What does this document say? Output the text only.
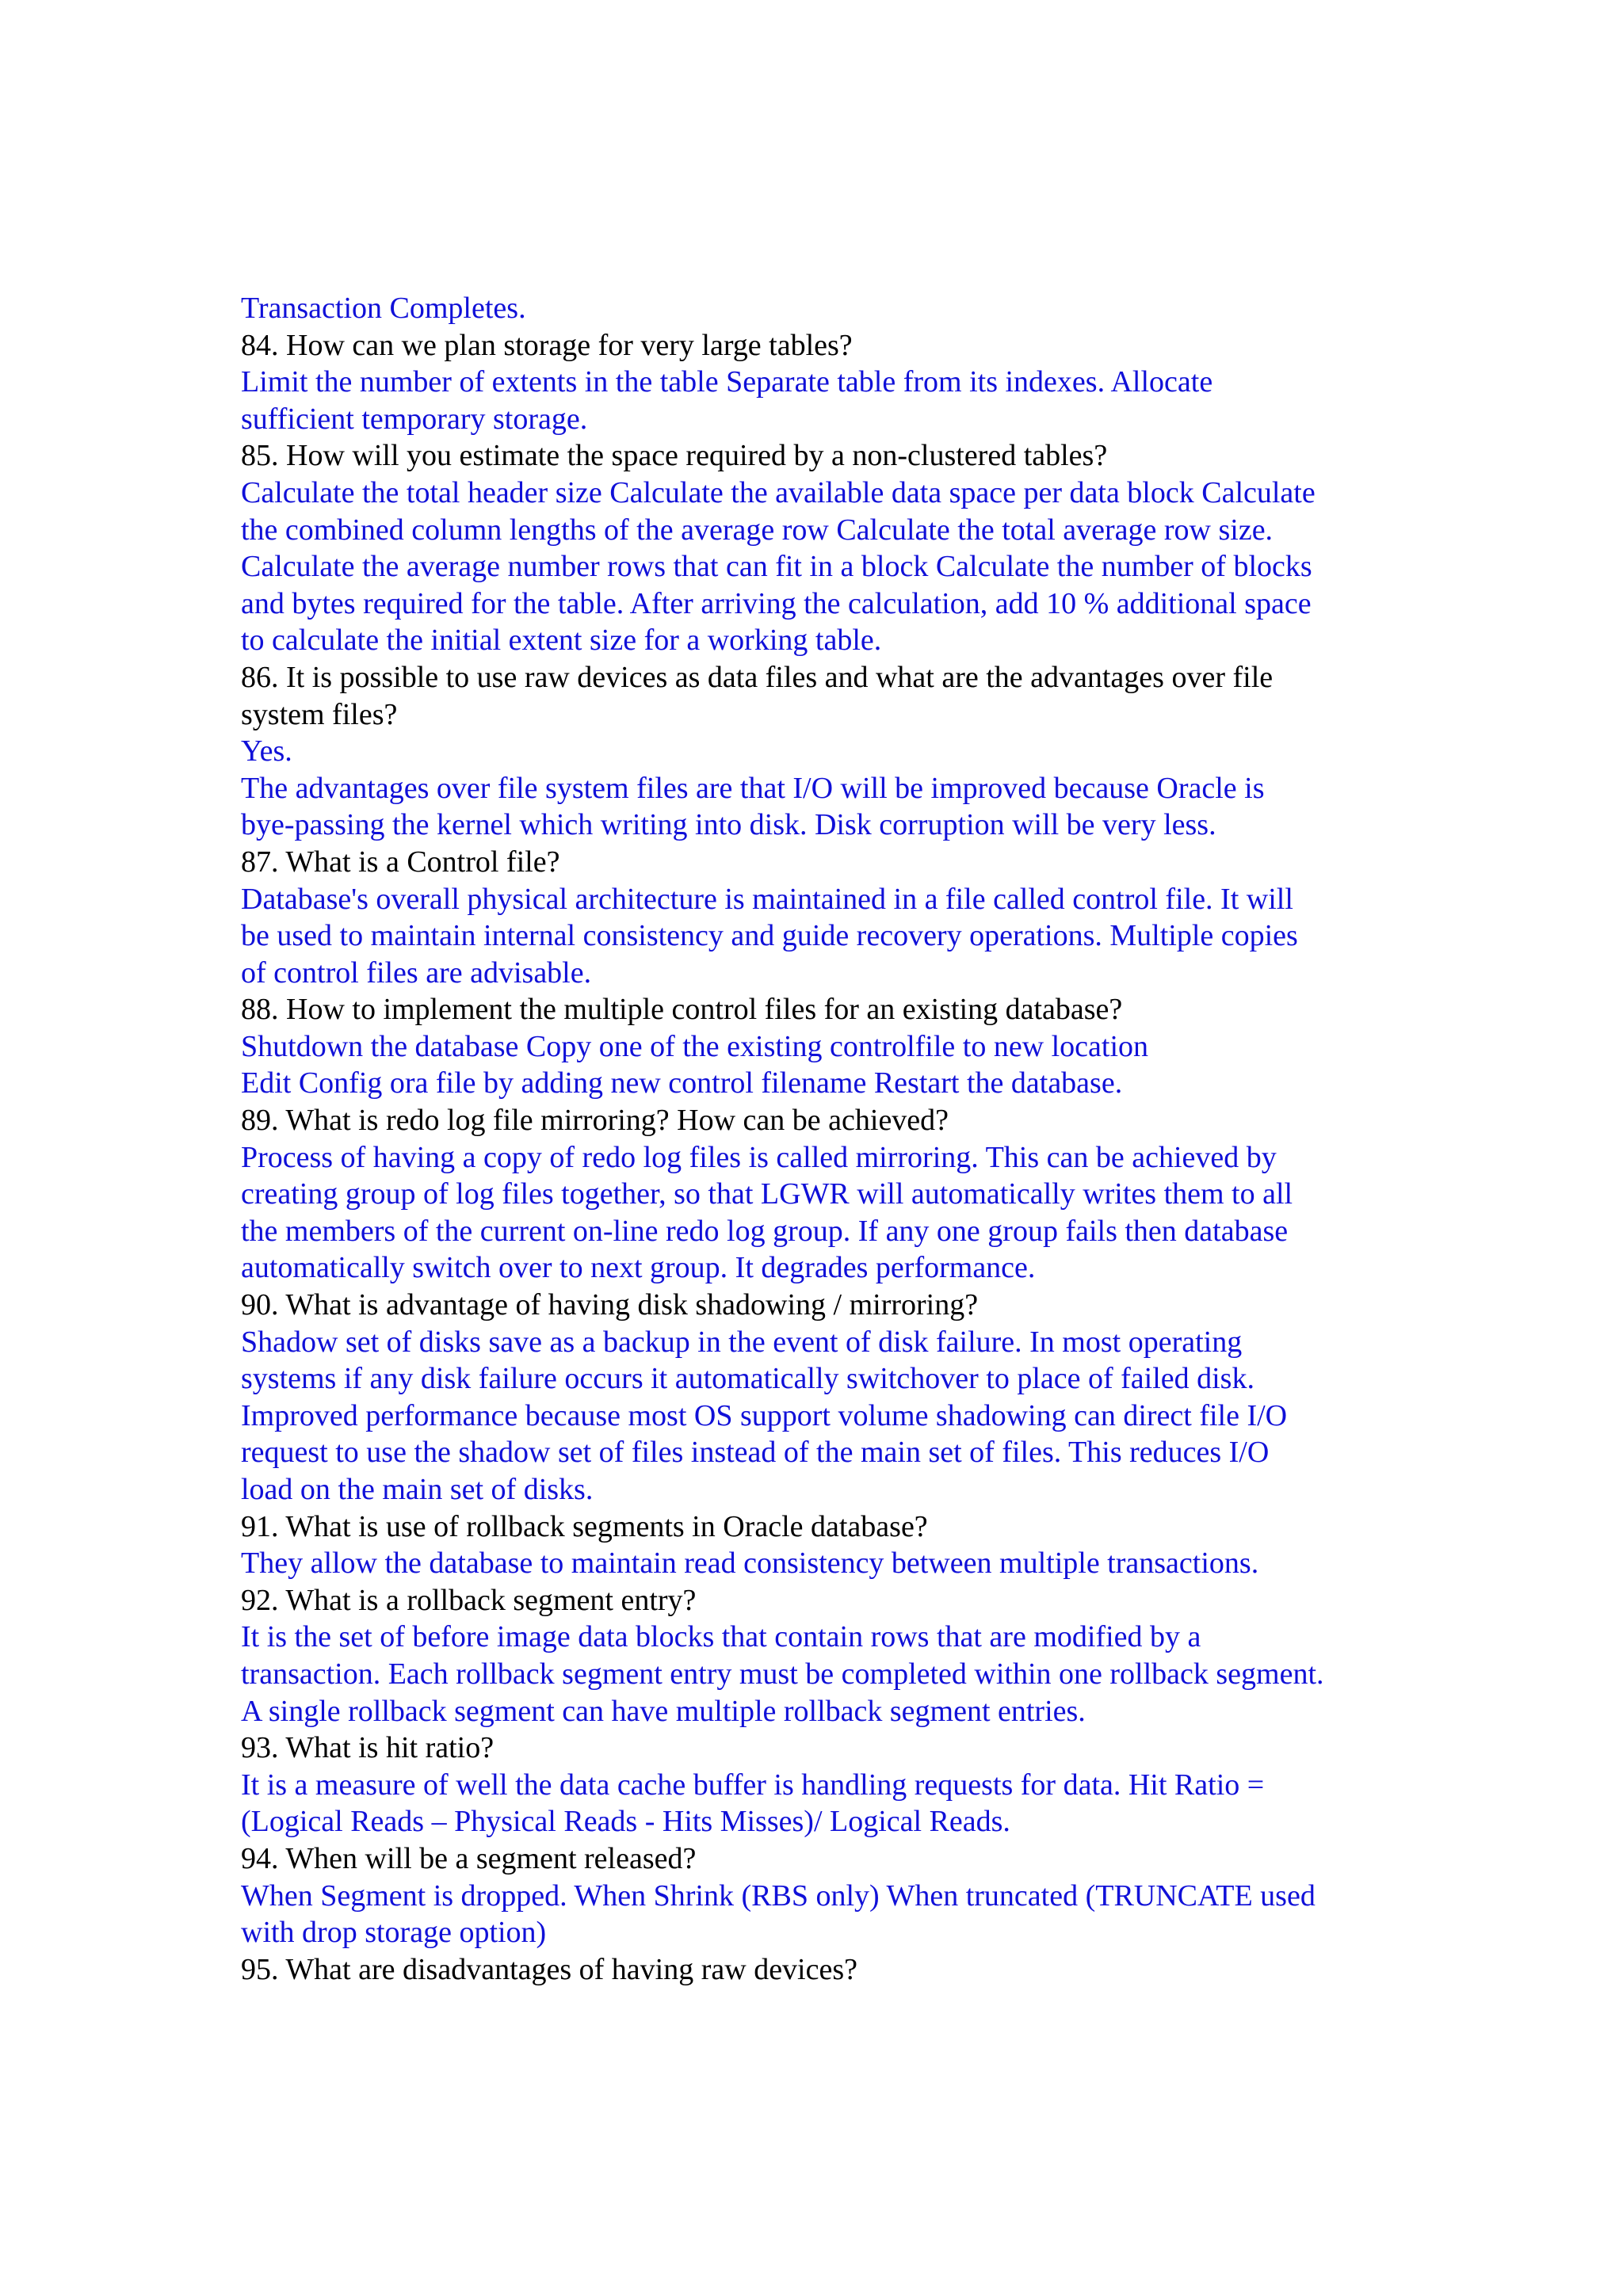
Transaction Completes.
84. How can we plan storage for very large tables?
Limit the number of extents in the table Separate table from its indexes. Allocate
sufficient temporary storage.
85. How will you estimate the space required by a non-clustered tables?
Calculate the total header size Calculate the available data space per data block Calculate
the combined column lengths of the average row Calculate the total average row size.
Calculate the average number rows that can fit in a block Calculate the number of blocks
and bytes required for the table. After arriving the calculation, add 10 % additional space
to calculate the initial extent size for a working table.
86. It is possible to use raw devices as data files and what are the advantages over file
system files?
Yes.
The advantages over file system files are that I/O will be improved because Oracle is
bye-passing the kernel which writing into disk. Disk corruption will be very less.
87. What is a Control file?
Database's overall physical architecture is maintained in a file called control file. It will
be used to maintain internal consistency and guide recovery operations. Multiple copies
of control files are advisable.
88. How to implement the multiple control files for an existing database?
Shutdown the database Copy one of the existing controlfile to new location
Edit Config ora file by adding new control filename Restart the database.
89. What is redo log file mirroring? How can be achieved?
Process of having a copy of redo log files is called mirroring. This can be achieved by
creating group of log files together, so that LGWR will automatically writes them to all
the members of the current on-line redo log group. If any one group fails then database
automatically switch over to next group. It degrades performance.
90. What is advantage of having disk shadowing / mirroring?
Shadow set of disks save as a backup in the event of disk failure. In most operating
systems if any disk failure occurs it automatically switchover to place of failed disk.
Improved performance because most OS support volume shadowing can direct file I/O
request to use the shadow set of files instead of the main set of files. This reduces I/O
load on the main set of disks.
91. What is use of rollback segments in Oracle database?
They allow the database to maintain read consistency between multiple transactions.
92. What is a rollback segment entry?
It is the set of before image data blocks that contain rows that are modified by a
transaction. Each rollback segment entry must be completed within one rollback segment.
A single rollback segment can have multiple rollback segment entries.
93. What is hit ratio?
It is a measure of well the data cache buffer is handling requests for data. Hit Ratio =
(Logical Reads – Physical Reads - Hits Misses)/ Logical Reads.
94. When will be a segment released?
When Segment is dropped. When Shrink (RBS only) When truncated (TRUNCATE used
with drop storage option)
95. What are disadvantages of having raw devices?
